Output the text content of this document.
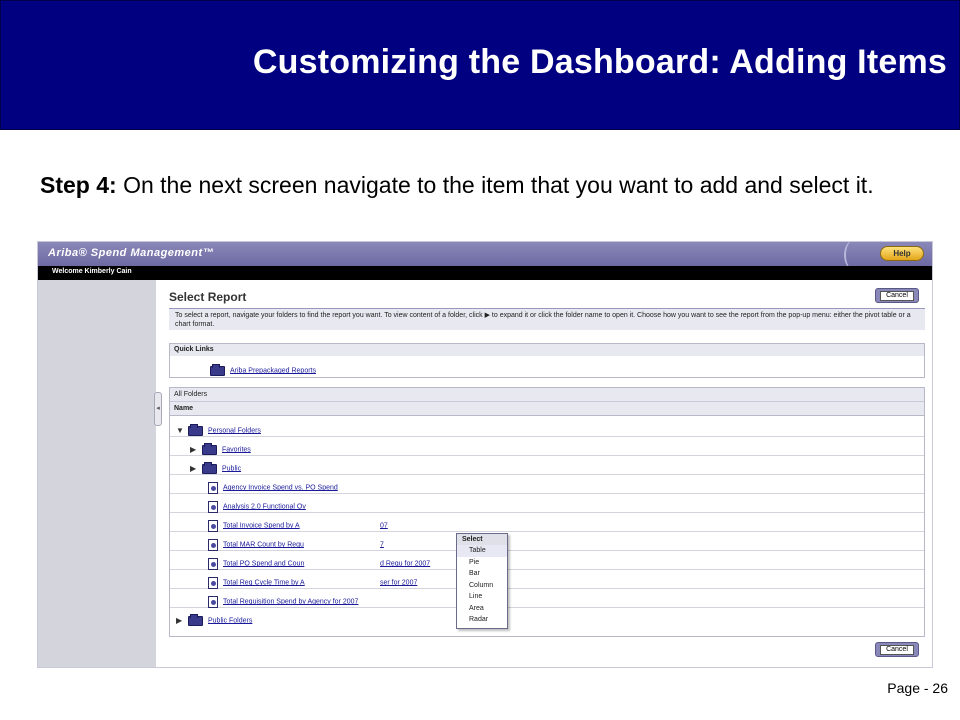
Customizing the Dashboard: Adding Items
Step 4: On the next screen navigate to the item that you want to add and select it.
Ariba® Spend Management™	Help
Welcome Kimberly Cain
◂
Select Report	Cancel
To select a report, navigate your folders to find the report you want. To view content of a folder, click ▶ to expand it or click the folder name to open it. Choose how you want to see the report from the pop-up menu: either the pivot table or a chart format.
Quick Links
Ariba Prepackaged Reports
All Folders
Name
▼	Personal Folders
▶	Favorites
▶	Public
Agency Invoice Spend vs. PO Spend
Analysis 2.0 Functional Ov
Total Invoice Spend by A	07
Total MAR Count by Requ	7
Total PO Spend and Coun	d Requ for 2007
Total Req Cycle Time by A	ser for 2007
Total Requisition Spend by Agency for 2007
▶	Public Folders
Select
Table
Pie
Bar
Column
Line
Area
Radar
Cancel
Page - 26
